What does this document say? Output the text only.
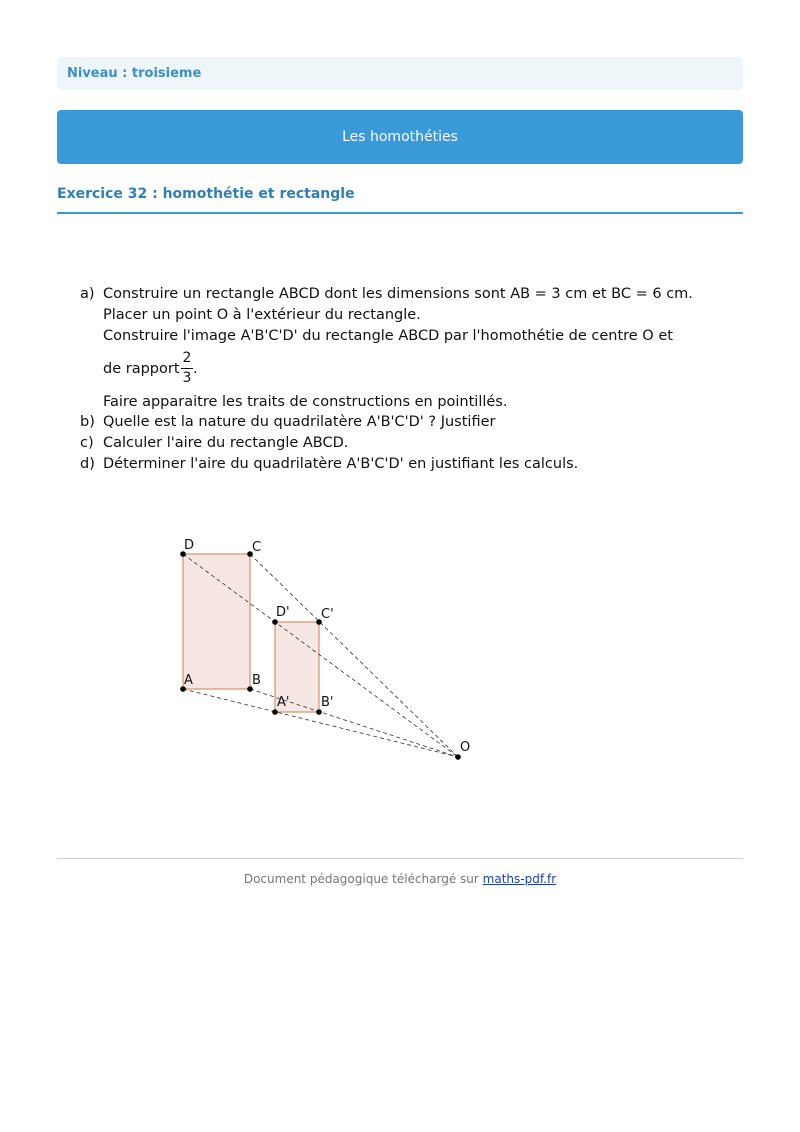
Niveau : troisieme
Les homothéties
Exercice 32 : homothétie et rectangle
a) Construire un rectangle ABCD dont les dimensions sont AB = 3 cm et BC = 6 cm.
Placer un point O à l'extérieur du rectangle.
Construire l'image A'B'C'D' du rectangle ABCD par l'homothétie de centre O et
de rapport
2
3
.
Faire apparaitre les traits de constructions en pointillés.
b) Quelle est la nature du quadrilatère A'B'C'D' ? Justifier
c) Calculer l'aire du rectangle ABCD.
d) Déterminer l'aire du quadrilatère A'B'C'D' en justifiant les calculs.
D	C
A	B
D' C'
A' B'
O
Document pédagogique téléchargé sur maths-pdf.fr
